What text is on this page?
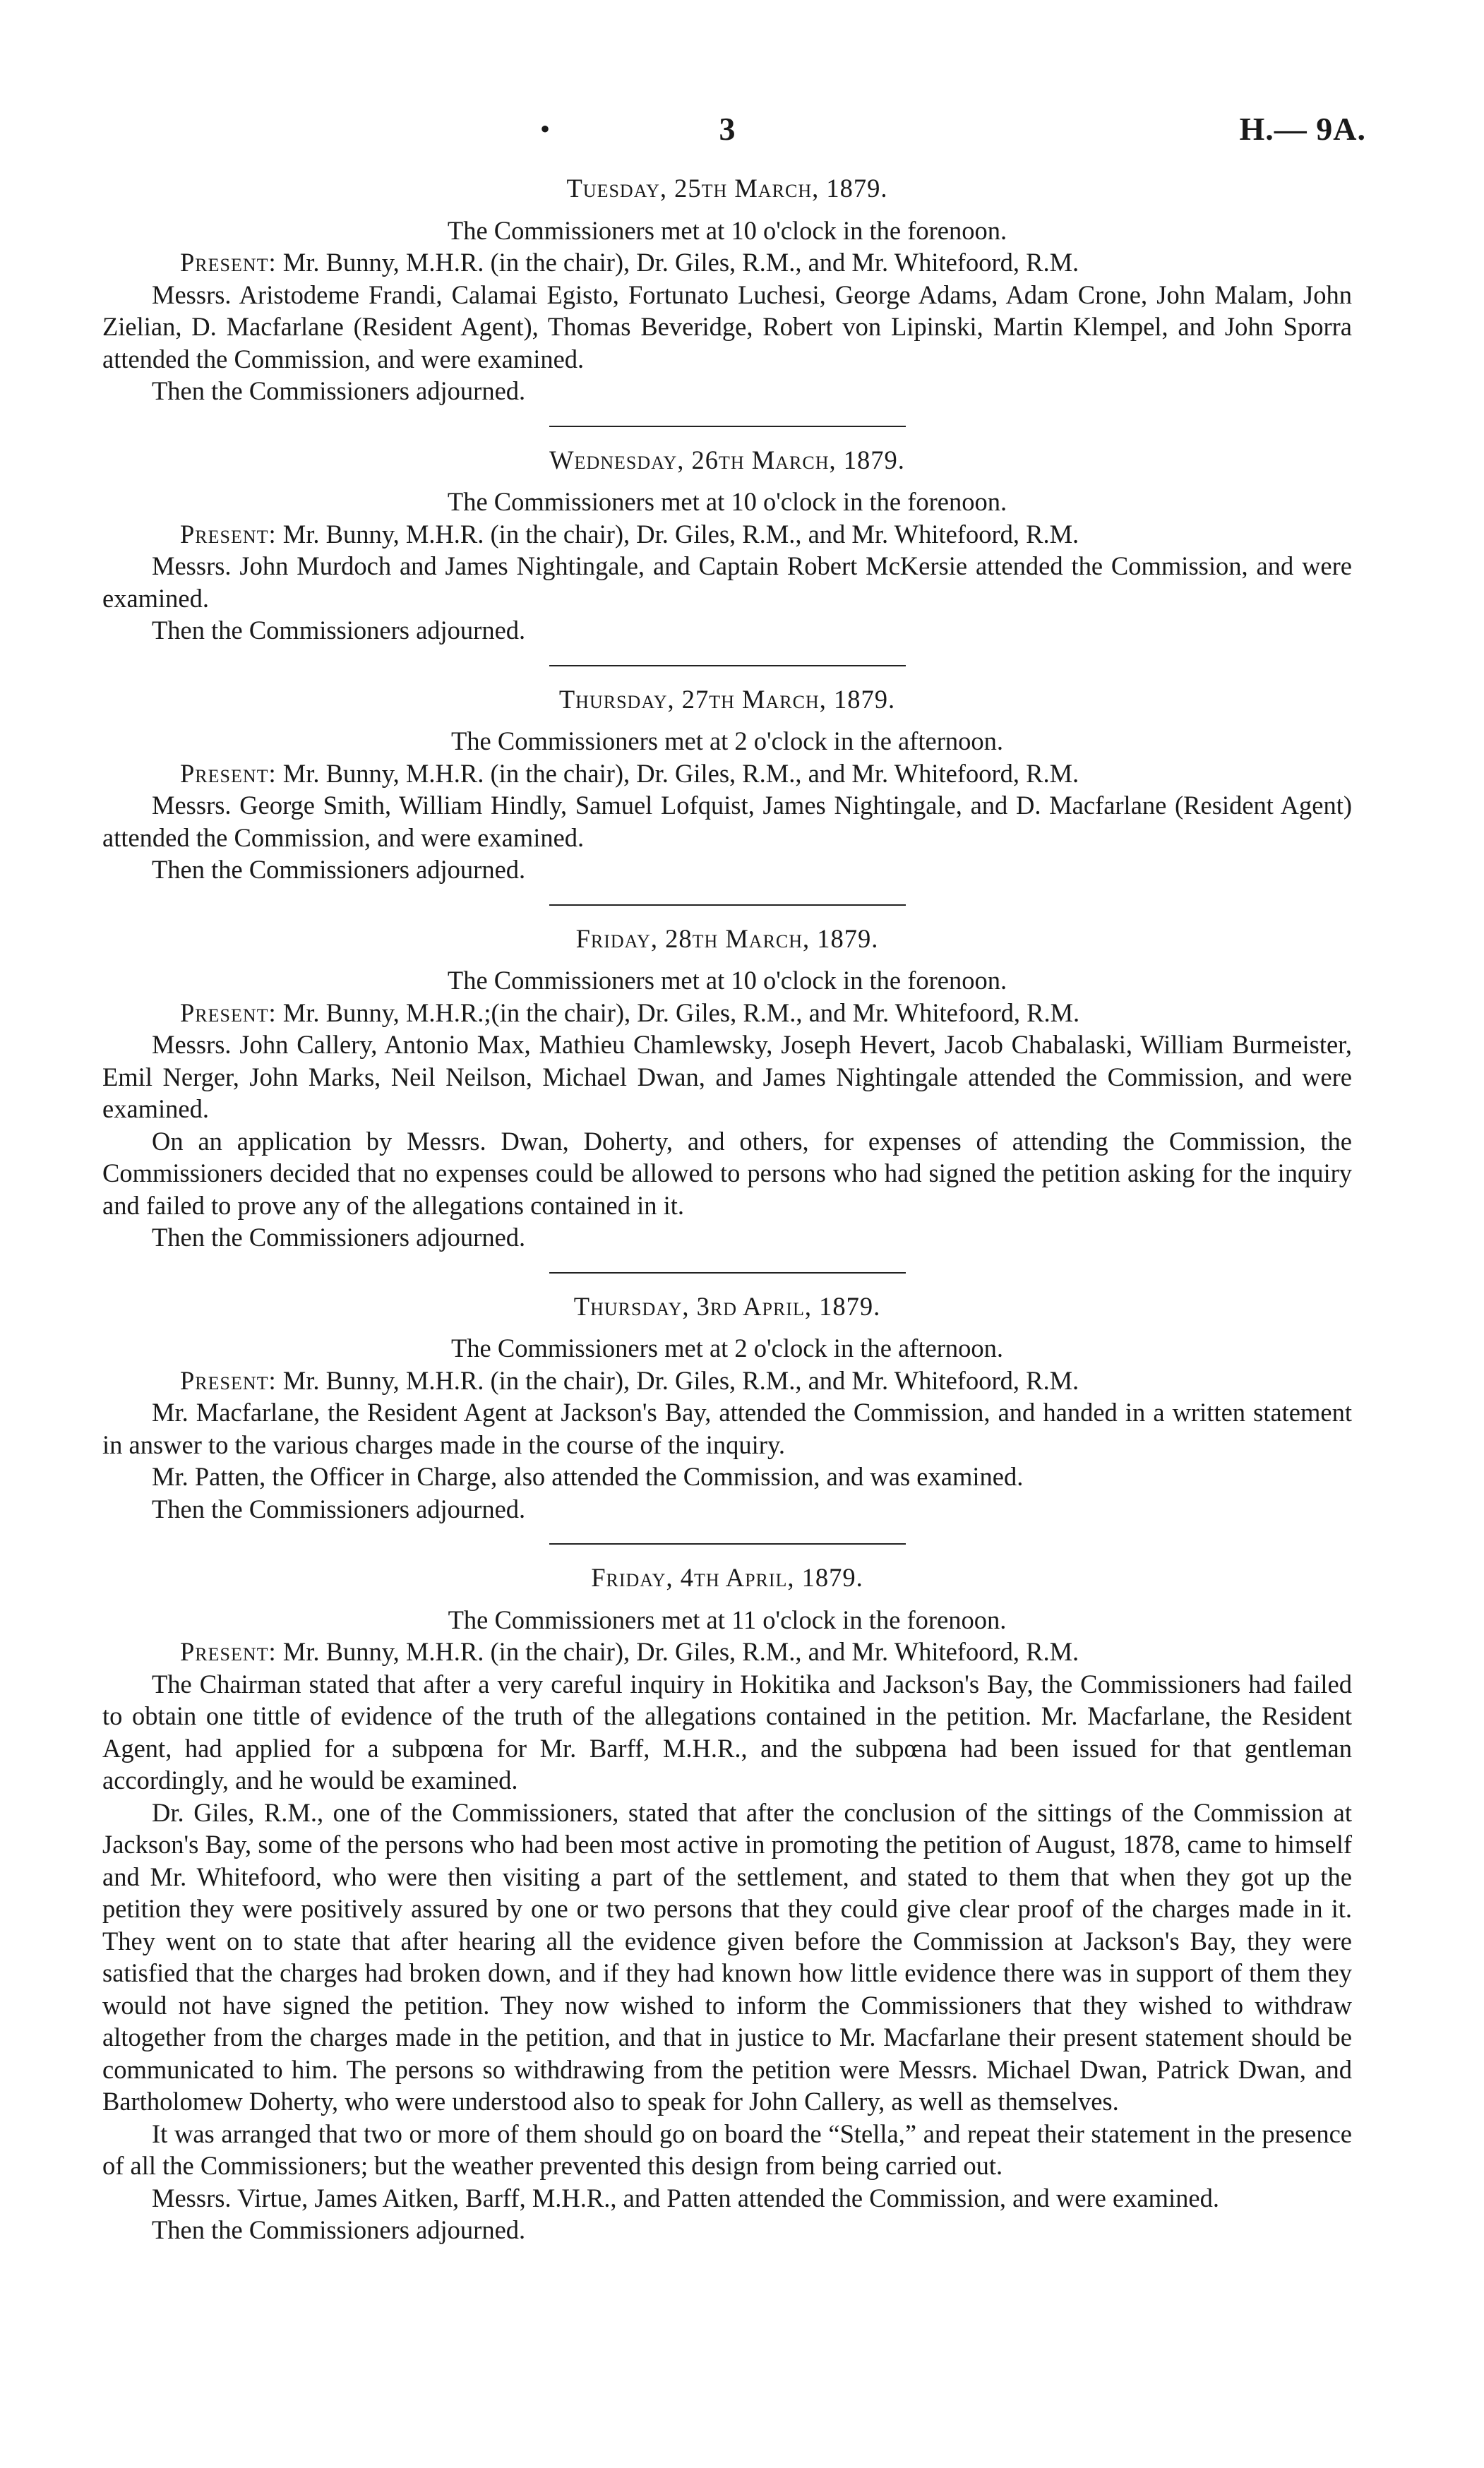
•	3	H.— 9A.
Tuesday, 25th March, 1879.
The Commissioners met at 10 o'clock in the forenoon.

Present: Mr. Bunny, M.H.R. (in the chair), Dr. Giles, R.M., and Mr. Whitefoord, R.M.

Messrs. Aristodeme Frandi, Calamai Egisto, Fortunato Luchesi, George Adams, Adam Crone, John Malam, John Zielian, D. Macfarlane (Resident Agent), Thomas Beveridge, Robert von Lipinski, Martin Klempel, and John Sporra attended the Commission, and were examined.

Then the Commissioners adjourned.

Wednesday, 26th March, 1879.
The Commissioners met at 10 o'clock in the forenoon.

Present: Mr. Bunny, M.H.R. (in the chair), Dr. Giles, R.M., and Mr. Whitefoord, R.M.

Messrs. John Murdoch and James Nightingale, and Captain Robert McKersie attended the Commission, and were examined.

Then the Commissioners adjourned.

Thursday, 27th March, 1879.
The Commissioners met at 2 o'clock in the afternoon.

Present: Mr. Bunny, M.H.R. (in the chair), Dr. Giles, R.M., and Mr. Whitefoord, R.M.

Messrs. George Smith, William Hindly, Samuel Lofquist, James Nightingale, and D. Macfarlane (Resident Agent) attended the Commission, and were examined.

Then the Commissioners adjourned.

Friday, 28th March, 1879.
The Commissioners met at 10 o'clock in the forenoon.

Present: Mr. Bunny, M.H.R.;(in the chair), Dr. Giles, R.M., and Mr. Whitefoord, R.M.

Messrs. John Callery, Antonio Max, Mathieu Chamlewsky, Joseph Hevert, Jacob Chabalaski, William Burmeister, Emil Nerger, John Marks, Neil Neilson, Michael Dwan, and James Nightingale attended the Commission, and were examined.

On an application by Messrs. Dwan, Doherty, and others, for expenses of attending the Commission, the Commissioners decided that no expenses could be allowed to persons who had signed the petition asking for the inquiry and failed to prove any of the allegations contained in it.

Then the Commissioners adjourned.

Thursday, 3rd April, 1879.
The Commissioners met at 2 o'clock in the afternoon.

Present: Mr. Bunny, M.H.R. (in the chair), Dr. Giles, R.M., and Mr. Whitefoord, R.M.

Mr. Macfarlane, the Resident Agent at Jackson's Bay, attended the Commission, and handed in a written statement in answer to the various charges made in the course of the inquiry.

Mr. Patten, the Officer in Charge, also attended the Commission, and was examined.

Then the Commissioners adjourned.

Friday, 4th April, 1879.
The Commissioners met at 11 o'clock in the forenoon.

Present: Mr. Bunny, M.H.R. (in the chair), Dr. Giles, R.M., and Mr. Whitefoord, R.M.

The Chairman stated that after a very careful inquiry in Hokitika and Jackson's Bay, the Commissioners had failed to obtain one tittle of evidence of the truth of the allegations contained in the petition. Mr. Macfarlane, the Resident Agent, had applied for a subpœna for Mr. Barff, M.H.R., and the subpœna had been issued for that gentleman accordingly, and he would be examined.

Dr. Giles, R.M., one of the Commissioners, stated that after the conclusion of the sittings of the Commission at Jackson's Bay, some of the persons who had been most active in promoting the petition of August, 1878, came to himself and Mr. Whitefoord, who were then visiting a part of the settlement, and stated to them that when they got up the petition they were positively assured by one or two persons that they could give clear proof of the charges made in it. They went on to state that after hearing all the evidence given before the Commission at Jackson's Bay, they were satisfied that the charges had broken down, and if they had known how little evidence there was in support of them they would not have signed the petition. They now wished to inform the Commissioners that they wished to withdraw altogether from the charges made in the petition, and that in justice to Mr. Macfarlane their present statement should be communicated to him. The persons so withdrawing from the petition were Messrs. Michael Dwan, Patrick Dwan, and Bartholomew Doherty, who were understood also to speak for John Callery, as well as themselves.

It was arranged that two or more of them should go on board the “Stella,” and repeat their statement in the presence of all the Commissioners; but the weather prevented this design from being carried out.

Messrs. Virtue, James Aitken, Barff, M.H.R., and Patten attended the Commission, and were examined.

Then the Commissioners adjourned.
